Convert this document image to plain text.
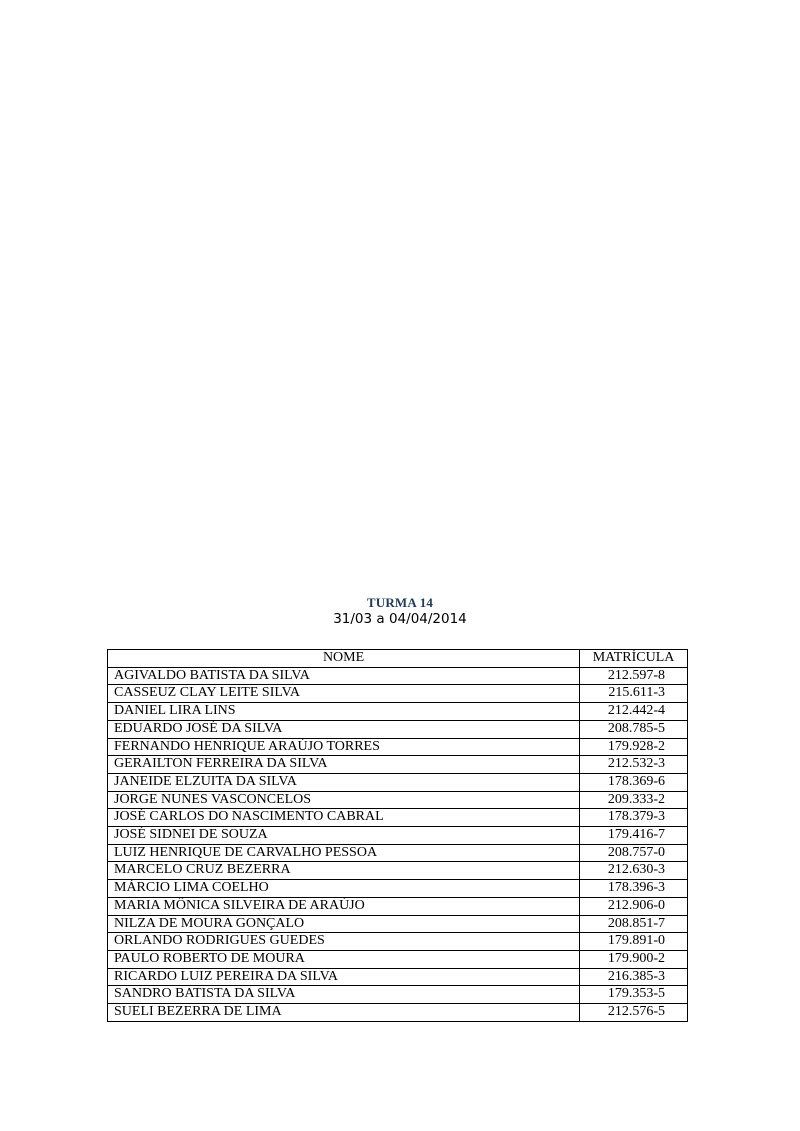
TURMA 14
31/03 a 04/04/2014
NOME	MATRÍCULA
AGIVALDO BATISTA DA SILVA	212.597-8
CASSEUZ CLAY LEITE SILVA	215.611-3
DANIEL LIRA LINS	212.442-4
EDUARDO JOSÉ DA SILVA	208.785-5
FERNANDO HENRIQUE ARAÚJO TORRES	179.928-2
GERAILTON FERREIRA DA SILVA	212.532-3
JANEIDE ELZUITA DA SILVA	178.369-6
JORGE NUNES VASCONCELOS	209.333-2
JOSÉ CARLOS DO NASCIMENTO CABRAL	178.379-3
JOSÉ SIDNEI DE SOUZA	179.416-7
LUIZ HENRIQUE DE CARVALHO PESSOA	208.757-0
MARCELO CRUZ BEZERRA	212.630-3
MÁRCIO LIMA COELHO	178.396-3
MARIA MÔNICA SILVEIRA DE ARAÚJO	212.906-0
NILZA DE MOURA GONÇALO	208.851-7
ORLANDO RODRIGUES GUEDES	179.891-0
PAULO ROBERTO DE MOURA	179.900-2
RICARDO LUIZ PEREIRA DA SILVA	216.385-3
SANDRO BATISTA DA SILVA	179.353-5
SUELI BEZERRA DE LIMA	212.576-5
